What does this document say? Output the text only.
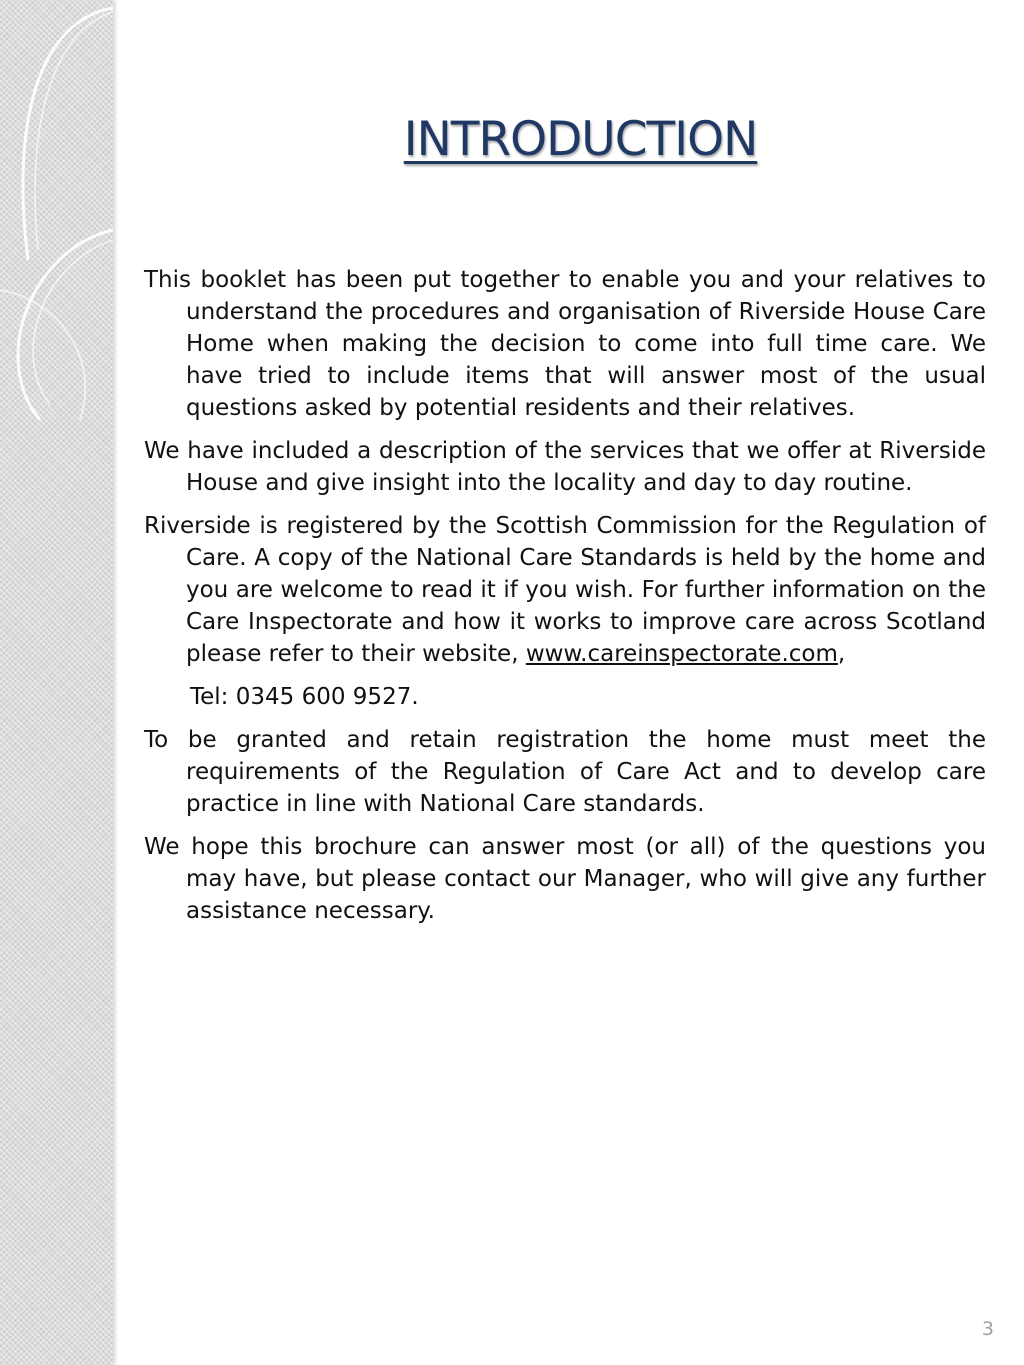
INTRODUCTION

This booklet has been put together to enable you and your relatives to understand the procedures and organisation of Riverside House Care Home when making the decision to come into full time care. We have tried to include items that will answer most of the usual questions asked by potential residents and their relatives.

We have included a description of the services that we offer at Riverside House and give insight into the locality and day to day routine.

Riverside is registered by the Scottish Commission for the Regulation of Care. A copy of the National Care Standards is held by the home and you are welcome to read it if you wish. For further information on the Care Inspectorate and how it works to improve care across Scotland please refer to their website, www.careinspectorate.com,

Tel: 0345 600 9527.

To be granted and retain registration the home must meet the requirements of the Regulation of Care Act and to develop care practice in line with National Care standards.

We hope this brochure can answer most (or all) of the questions you may have, but please contact our Manager, who will give any further assistance necessary.

3
